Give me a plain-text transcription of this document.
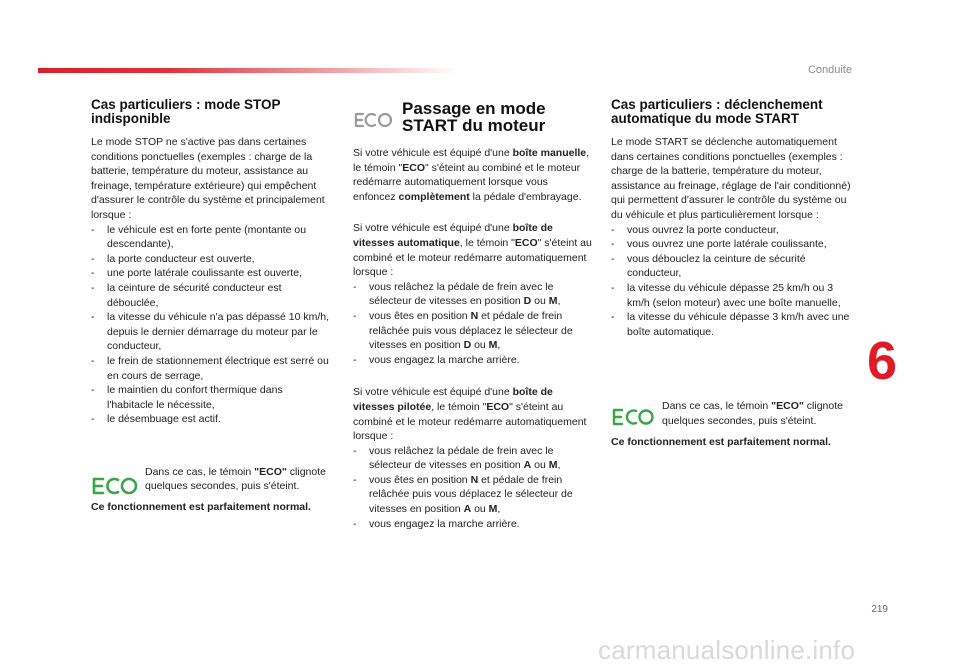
Conduite
Cas particuliers : mode STOP indisponible

Le mode STOP ne s'active pas dans certaines conditions ponctuelles (exemples : charge de la batterie, température du moteur, assistance au freinage, température extérieure) qui empêchent d'assurer le contrôle du système et principalement lorsque :

- le véhicule est en forte pente (montante ou descendante),
- la porte conducteur est ouverte,
- une porte latérale coulissante est ouverte,
- la ceinture de sécurité conducteur est débouclée,
- la vitesse du véhicule n'a pas dépassé 10 km/h, depuis le dernier démarrage du moteur par le conducteur,
- le frein de stationnement électrique est serré ou en cours de serrage,
- le maintien du confort thermique dans l'habitacle le nécessite,
- le désembuage est actif.

Dans ce cas, le témoin "ECO" clignote quelques secondes, puis s'éteint.

Ce fonctionnement est parfaitement normal.

Passage en mode
START du moteur

Si votre véhicule est équipé d'une boîte manuelle, le témoin "ECO" s'éteint au combiné et le moteur redémarre automatiquement lorsque vous enfoncez complètement la pédale d'embrayage.

Si votre véhicule est équipé d'une boîte de vitesses automatique, le témoin "ECO" s'éteint au combiné et le moteur redémarre automatiquement lorsque :

- vous relâchez la pédale de frein avec le sélecteur de vitesses en position D ou M,
- vous êtes en position N et pédale de frein relâchée puis vous déplacez le sélecteur de vitesses en position D ou M,
- vous engagez la marche arrière.

Si votre véhicule est équipé d'une boîte de vitesses pilotée, le témoin "ECO" s'éteint au combiné et le moteur redémarre automatiquement lorsque :

- vous relâchez la pédale de frein avec le sélecteur de vitesses en position A ou M,
- vous êtes en position N et pédale de frein relâchée puis vous déplacez le sélecteur de vitesses en position A ou M,
- vous engagez la marche arrière.
Cas particuliers : déclenchement automatique du mode START

Le mode START se déclenche automatiquement dans certaines conditions ponctuelles (exemples : charge de la batterie, température du moteur, assistance au freinage, réglage de l'air conditionné) qui permettent d'assurer le contrôle du système ou du véhicule et plus particulièrement lorsque :

- vous ouvrez la porte conducteur,
- vous ouvrez une porte latérale coulissante,
- vous débouclez la ceinture de sécurité conducteur,
- la vitesse du véhicule dépasse 25 km/h ou 3 km/h (selon moteur) avec une boîte manuelle,
- la vitesse du véhicule dépasse 3 km/h avec une boîte automatique.

Dans ce cas, le témoin "ECO" clignote quelques secondes, puis s'éteint.

Ce fonctionnement est parfaitement normal.

6
219
carmanualsonline.info
